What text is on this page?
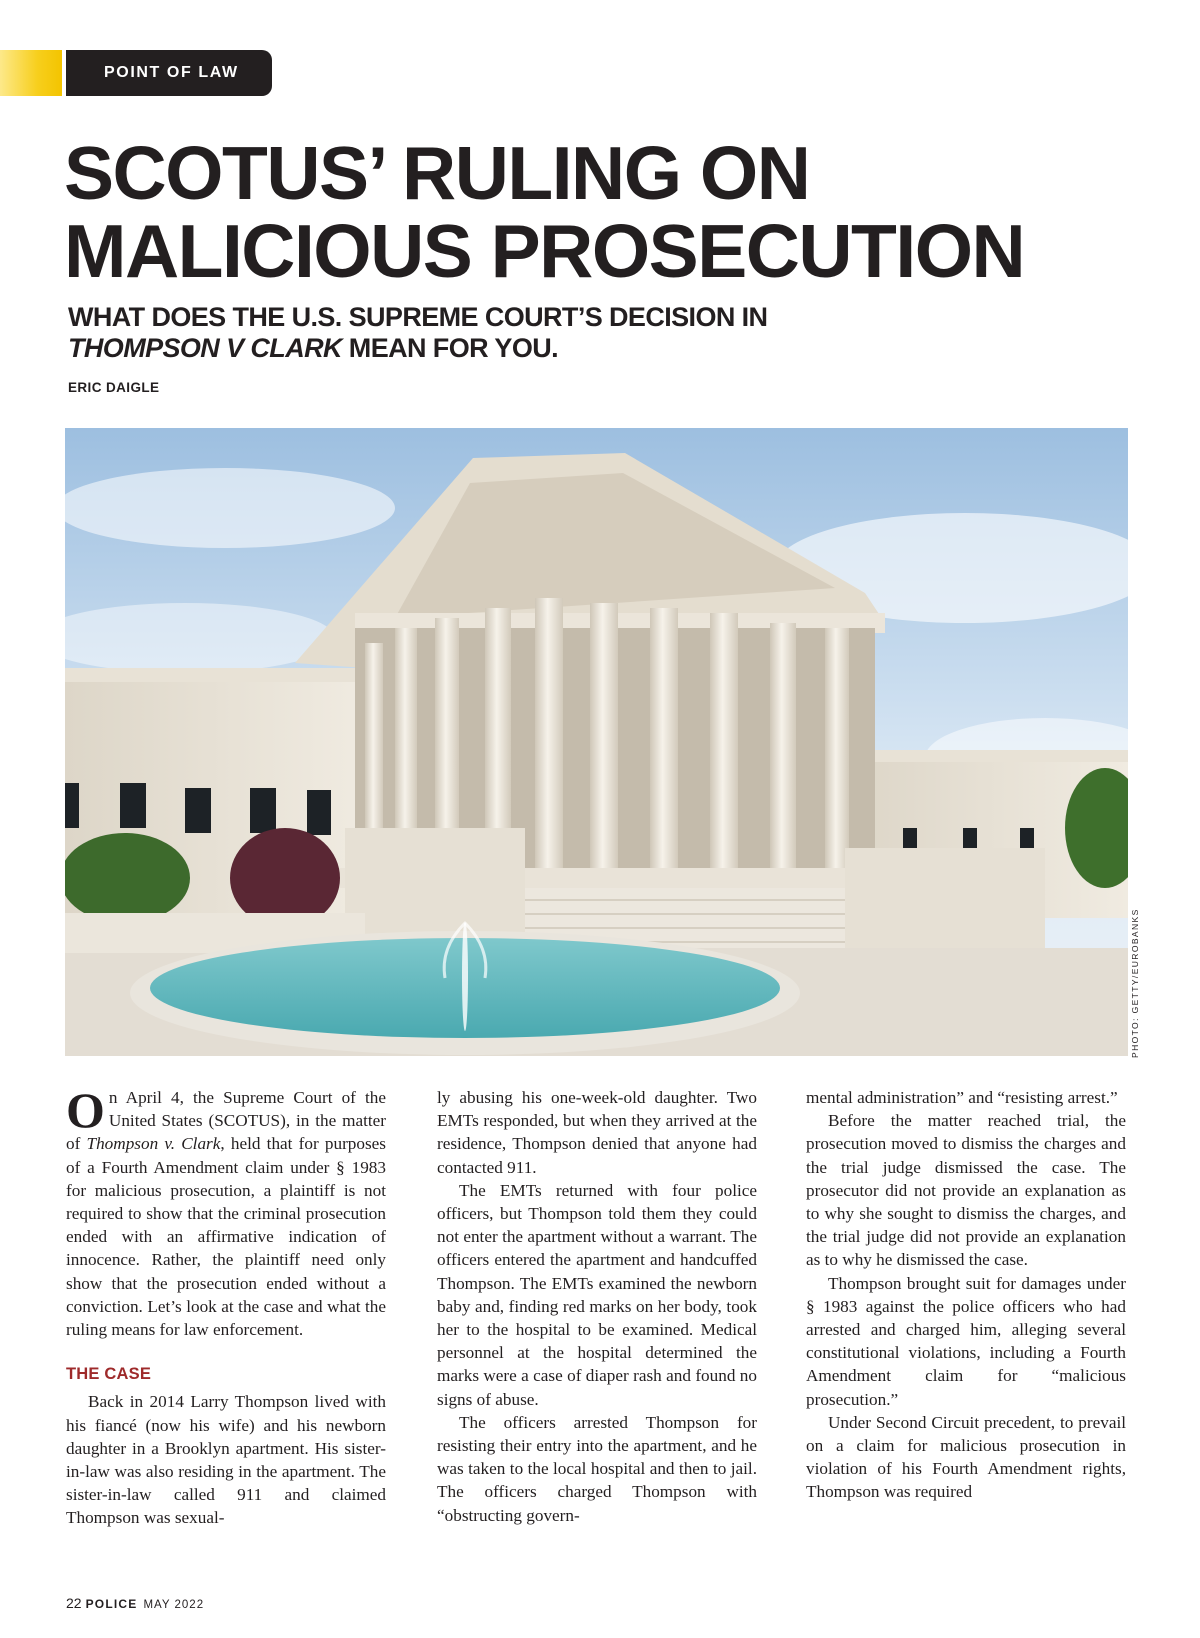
POINT OF LAW
SCOTUS’ RULING ON
MALICIOUS PROSECUTION
WHAT DOES THE U.S. SUPREME COURT’S DECISION IN
THOMPSON V CLARK MEAN FOR YOU.
ERIC DAIGLE
PHOTO: GETTY/EUROBANKS

On April 4, the Supreme Court of the United States (SCOTUS), in the matter of Thompson v. Clark, held that for purposes of a Fourth Amendment claim under § 1983 for malicious prosecution, a plaintiff is not required to show that the criminal prosecution ended with an affirmative indication of innocence. Rather, the plaintiff need only show that the prosecution ended without a conviction. Let’s look at the case and what the ruling means for law enforcement.

THE CASE

Back in 2014 Larry Thompson lived with his fiancé (now his wife) and his newborn daughter in a Brooklyn apartment. His sister-in-law was also residing in the apartment. The sister-in-law called 911 and claimed Thompson was sexual-

ly abusing his one-week-old daughter. Two EMTs responded, but when they arrived at the residence, Thompson denied that anyone had contacted 911.

The EMTs returned with four police officers, but Thompson told them they could not enter the apartment without a warrant. The officers entered the apartment and handcuffed Thompson. The EMTs examined the newborn baby and, finding red marks on her body, took her to the hospital to be examined. Medical personnel at the hospital determined the marks were a case of diaper rash and found no signs of abuse.

The officers arrested Thompson for resisting their entry into the apartment, and he was taken to the local hospital and then to jail. The officers charged Thompson with “obstructing govern-

mental administration” and “resisting arrest.”

Before the matter reached trial, the prosecution moved to dismiss the charges and the trial judge dismissed the case. The prosecutor did not provide an explanation as to why she sought to dismiss the charges, and the trial judge did not provide an explanation as to why he dismissed the case.

Thompson brought suit for damages under § 1983 against the police officers who had arrested and charged him, alleging several constitutional violations, including a Fourth Amendment claim for “malicious prosecution.”

Under Second Circuit precedent, to prevail on a claim for malicious prosecution in violation of his Fourth Amendment rights, Thompson was required

22 POLICE MAY 2022
